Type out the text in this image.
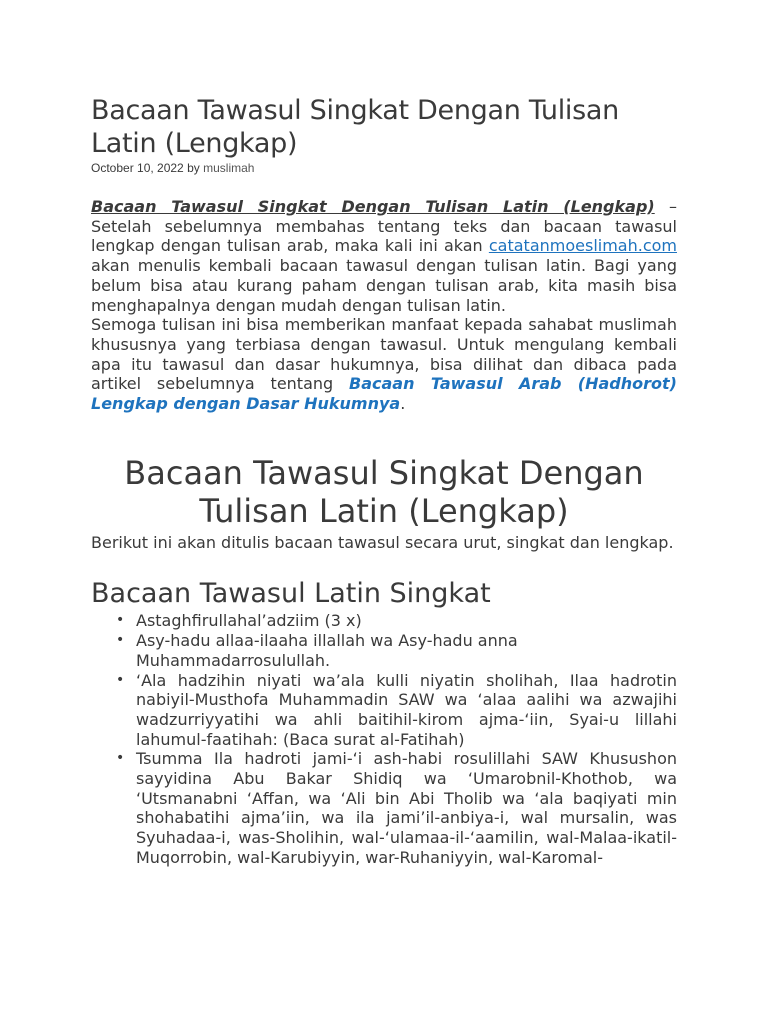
Bacaan Tawasul Singkat Dengan Tulisan Latin (Lengkap)
October 10, 2022 by muslimah

Bacaan Tawasul Singkat Dengan Tulisan Latin (Lengkap) – Setelah sebelumnya membahas tentang teks dan bacaan tawasul lengkap dengan tulisan arab, maka kali ini akan catatanmoeslimah.com akan menulis kembali bacaan tawasul dengan tulisan latin. Bagi yang belum bisa atau kurang paham dengan tulisan arab, kita masih bisa menghapalnya dengan mudah dengan tulisan latin.

Semoga tulisan ini bisa memberikan manfaat kepada sahabat muslimah khususnya yang terbiasa dengan tawasul. Untuk mengulang kembali apa itu tawasul dan dasar hukumnya, bisa dilihat dan dibaca pada artikel sebelumnya tentang Bacaan Tawasul Arab (Hadhorot) Lengkap dengan Dasar Hukumnya.

Bacaan Tawasul Singkat Dengan Tulisan Latin (Lengkap)

Berikut ini akan ditulis bacaan tawasul secara urut, singkat dan lengkap.

Bacaan Tawasul Latin Singkat
• Astaghfirullahal’adziim (3 x)
• Asy-hadu allaa-ilaaha illallah wa Asy-hadu anna Muhammadarrosulullah.
• ‘Ala hadzihin niyati wa’ala kulli niyatin sholihah, Ilaa hadrotin nabiyil-Musthofa Muhammadin SAW wa ‘alaa aalihi wa azwajihi wadzurriyyatihi wa ahli baitihil-kirom ajma-‘iin, Syai-u lillahi lahumul-faatihah: (Baca surat al-Fatihah)
• Tsumma Ila hadroti jami-‘i ash-habi rosulillahi SAW Khusushon sayyidina Abu Bakar Shidiq wa ‘Umarobnil-Khothob, wa ‘Utsmanabni ‘Affan, wa ‘Ali bin Abi Tholib wa ‘ala baqiyati min shohabatihi ajma’iin, wa ila jami’il-anbiya-i, wal mursalin, was Syuhadaa-i, was-Sholihin, wal-‘ulamaa-il-‘aamilin, wal-Malaa-ikatil-Muqorrobin, wal-Karubiyyin, war-Ruhaniyyin, wal-Karomal-
